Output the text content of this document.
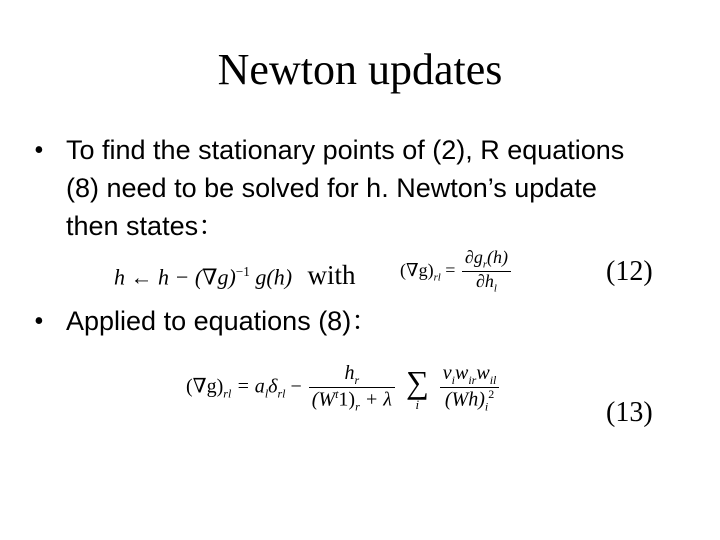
Newton updates
• To find the stationary points of (2), R equations
(8) need to be solved for h. Newton’s update
then states：
h ← $h - (\nabla g)^{-1}$ g(h) with $(\nabla g)_{rl} = \frac{\partial g_r(h)}{\partial h_l}$	(12)
• Applied to equations (8)：
$(\nabla g)_{rl} = a_l\delta_{rl} - \frac{h_r}{(W^t1)_r + \lambda}$
∑
i
	$\frac{v_iw_{ir}w_{il}}{(Wh)_i^2}$	(13)
